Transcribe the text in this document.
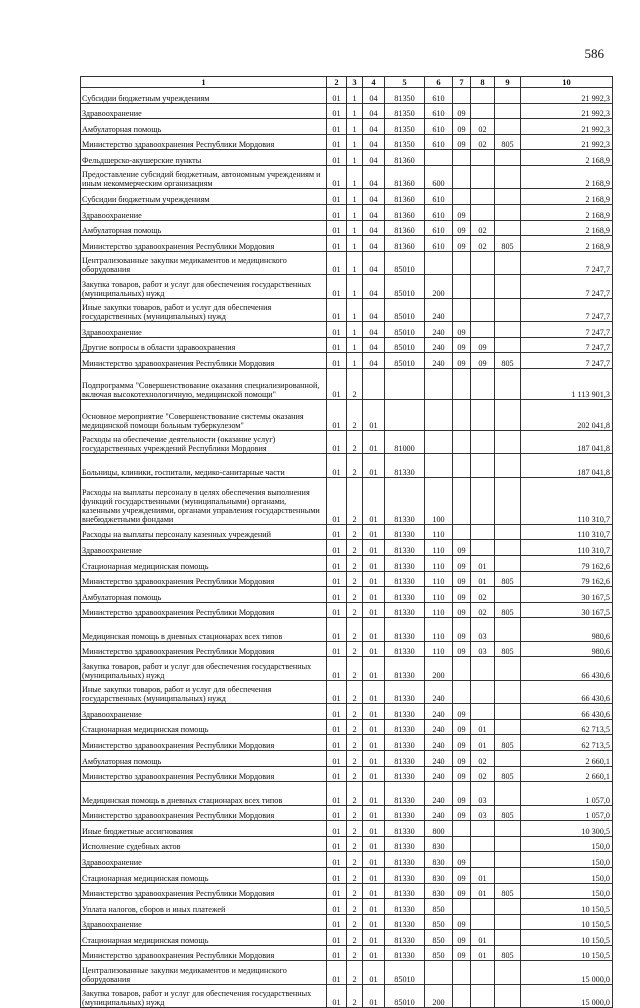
586
1	2	3	4	5	6	7	8	9	10
Субсидии бюджетным учреждениям	01	1	04	81350	610				21 992,3
Здравоохранение	01	1	04	81350	610	09			21 992,3
Амбулаторная помощь	01	1	04	81350	610	09	02		21 992,3
Министерство здравоохранения Республики Мордовия	01	1	04	81350	610	09	02	805	21 992,3
Фельдшерско-акушерские пункты	01	1	04	81360					2 168,9
Предоставление субсидий бюджетным, автономным учреждениям и иным некоммерческим организациям	01	1	04	81360	600				2 168,9
Субсидии бюджетным учреждениям	01	1	04	81360	610				2 168,9
Здравоохранение	01	1	04	81360	610	09			2 168,9
Амбулаторная помощь	01	1	04	81360	610	09	02		2 168,9
Министерство здравоохранения Республики Мордовия	01	1	04	81360	610	09	02	805	2 168,9
Централизованные закупки медикаментов и медицинского оборудования	01	1	04	85010					7 247,7
Закупка товаров, работ и услуг для обеспечения государственных (муниципальных) нужд	01	1	04	85010	200				7 247,7
Иные закупки товаров, работ и услуг для обеспечения государственных (муниципальных) нужд	01	1	04	85010	240				7 247,7
Здравоохранение	01	1	04	85010	240	09			7 247,7
Другие вопросы в области здравоохранения	01	1	04	85010	240	09	09		7 247,7
Министерство здравоохранения Республики Мордовия	01	1	04	85010	240	09	09	805	7 247,7
Подпрограмма "Совершенствование оказания специализированной, включая высокотехнологичную, медицинской помощи"	01	2							1 113 901,3
Основное мероприятие "Совершенствование системы оказания медицинской помощи больным туберкулезом"	01	2	01						202 041,8
Расходы на обеспечение деятельности (оказание услуг) государственных учреждений Республики Мордовия	01	2	01	81000					187 041,8
Больницы, клиники, госпитали, медико-санитарные части	01	2	01	81330					187 041,8
Расходы на выплаты персоналу в целях обеспечения выполнения функций государственными (муниципальными) органами, казенными учреждениями, органами управления государственными внебюджетными фондами	01	2	01	81330	100				110 310,7
Расходы на выплаты персоналу казенных учреждений	01	2	01	81330	110				110 310,7
Здравоохранение	01	2	01	81330	110	09			110 310,7
Стационарная медицинская помощь	01	2	01	81330	110	09	01		79 162,6
Министерство здравоохранения Республики Мордовия	01	2	01	81330	110	09	01	805	79 162,6
Амбулаторная помощь	01	2	01	81330	110	09	02		30 167,5
Министерство здравоохранения Республики Мордовия	01	2	01	81330	110	09	02	805	30 167,5
Медицинская помощь в дневных стационарах всех типов	01	2	01	81330	110	09	03		980,6
Министерство здравоохранения Республики Мордовия	01	2	01	81330	110	09	03	805	980,6
Закупка товаров, работ и услуг для обеспечения государственных (муниципальных) нужд	01	2	01	81330	200				66 430,6
Иные закупки товаров, работ и услуг для обеспечения государственных (муниципальных) нужд	01	2	01	81330	240				66 430,6
Здравоохранение	01	2	01	81330	240	09			66 430,6
Стационарная медицинская помощь	01	2	01	81330	240	09	01		62 713,5
Министерство здравоохранения Республики Мордовия	01	2	01	81330	240	09	01	805	62 713,5
Амбулаторная помощь	01	2	01	81330	240	09	02		2 660,1
Министерство здравоохранения Республики Мордовия	01	2	01	81330	240	09	02	805	2 660,1
Медицинская помощь в дневных стационарах всех типов	01	2	01	81330	240	09	03		1 057,0
Министерство здравоохранения Республики Мордовия	01	2	01	81330	240	09	03	805	1 057,0
Иные бюджетные ассигнования	01	2	01	81330	800				10 300,5
Исполнение судебных актов	01	2	01	81330	830				150,0
Здравоохранение	01	2	01	81330	830	09			150,0
Стационарная медицинская помощь	01	2	01	81330	830	09	01		150,0
Министерство здравоохранения Республики Мордовия	01	2	01	81330	830	09	01	805	150,0
Уплата налогов, сборов и иных платежей	01	2	01	81330	850				10 150,5
Здравоохранение	01	2	01	81330	850	09			10 150,5
Стационарная медицинская помощь	01	2	01	81330	850	09	01		10 150,5
Министерство здравоохранения Республики Мордовия	01	2	01	81330	850	09	01	805	10 150,5
Централизованные закупки медикаментов и медицинского оборудования	01	2	01	85010					15 000,0
Закупка товаров, работ и услуг для обеспечения государственных (муниципальных) нужд	01	2	01	85010	200				15 000,0
